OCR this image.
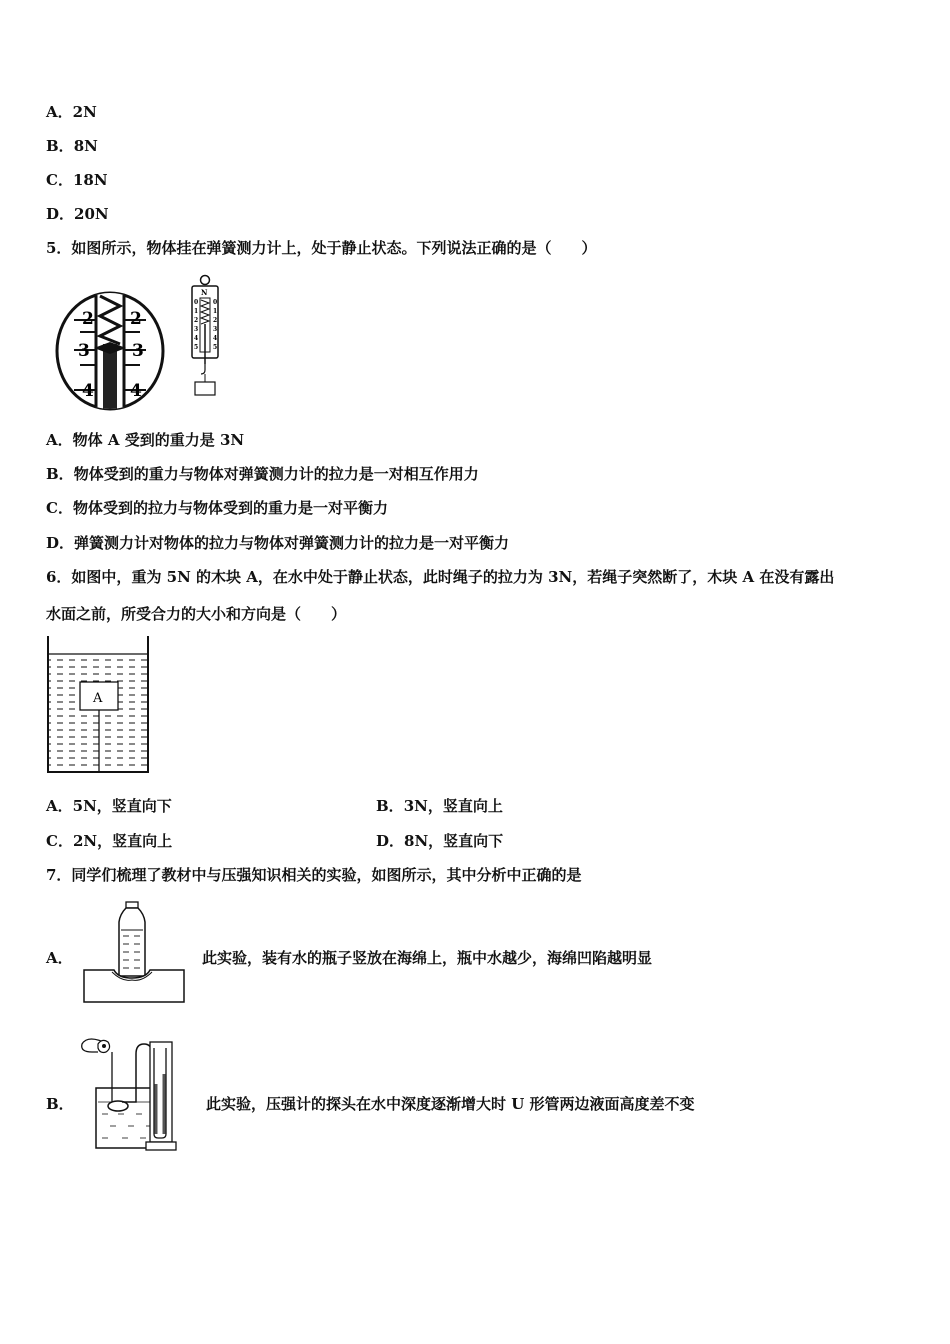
A．2N
B．8N
C．18N
D．20N
5．如图所示，物体挂在弹簧测力计上，处于静止状态。下列说法正确的是（　　）
2 2
3 3
4 4
N
0 0
1 1
2 2
3 3
4 4
5 5
A．物体 A 受到的重力是 3N
B．物体受到的重力与物体对弹簧测力计的拉力是一对相互作用力
C．物体受到的拉力与物体受到的重力是一对平衡力
D．弹簧测力计对物体的拉力与物体对弹簧测力计的拉力是一对平衡力
6．如图中，重为 5N 的木块 A，在水中处于静止状态，此时绳子的拉力为 3N，若绳子突然断了，木块 A 在没有露出
水面之前，所受合力的大小和方向是（　　）
A
A．5N，竖直向下	B．3N，竖直向上
C．2N，竖直向上	D．8N，竖直向下
7．同学们梳理了教材中与压强知识相关的实验，如图所示，其中分析中正确的是
A．	此实验，装有水的瓶子竖放在海绵上，瓶中水越少，海绵凹陷越明显
B．	此实验，压强计的探头在水中深度逐渐增大时 U 形管两边液面高度差不变
